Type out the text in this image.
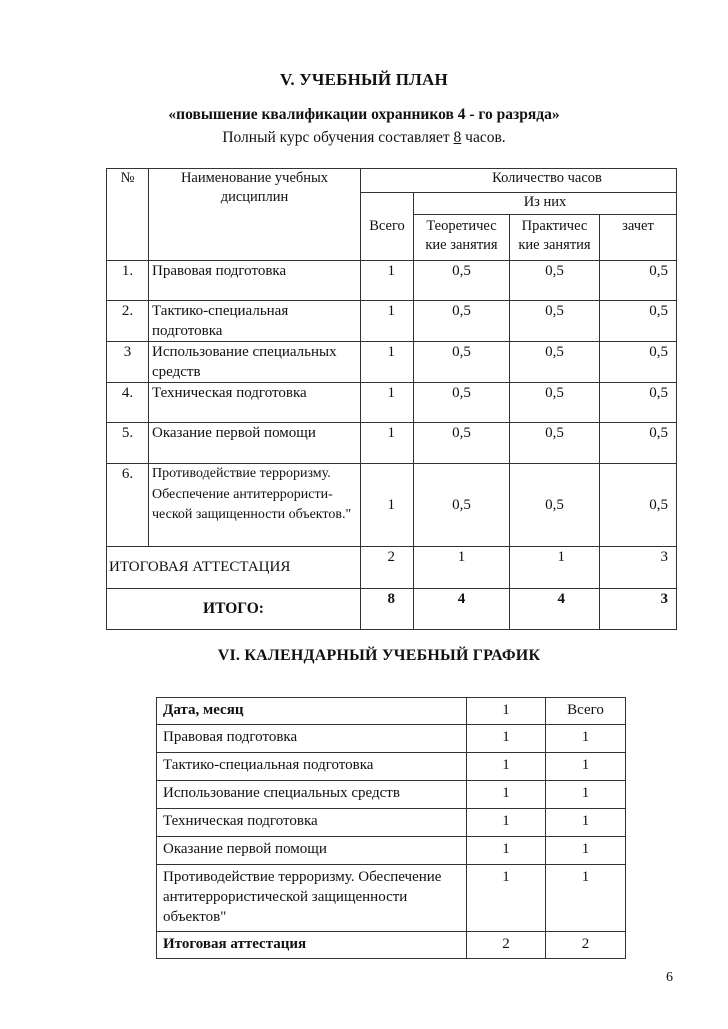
V. УЧЕБНЫЙ ПЛАН
«повышение квалификации охранников 4 - го разряда»
Полный курс обучения составляет 8 часов.
№	Наименование учебных дисциплин	Количество часов			
		Всего	Из них		
			Теоретичес кие занятия	Практичес кие занятия	зачет
1.	Правовая подготовка	1	0,5	0,5	0,5
2.	Тактико-специальная подготовка	1	0,5	0,5	0,5
3	Использование специальных средств	1	0,5	0,5	0,5
4.	Техническая подготовка	1	0,5	0,5	0,5
5.	Оказание первой помощи	1	0,5	0,5	0,5
6.	Противодействие терроризму. Обеспечение антитеррористи-ческой защищенности объектов."	1	0,5	0,5	0,5
ИТОГОВАЯ АТТЕСТАЦИЯ		2	1	1	3
ИТОГО:		8	4	4	3
VI. КАЛЕНДАРНЫЙ УЧЕБНЫЙ ГРАФИК
Дата, месяц	1	Всего
Правовая подготовка	1	1
Тактико-специальная подготовка	1	1
Использование специальных средств	1	1
Техническая подготовка	1	1
Оказание первой помощи	1	1
Противодействие терроризму. Обеспечение антитеррористической защищенности объектов"	1	1
Итоговая аттестация	2	2
6
